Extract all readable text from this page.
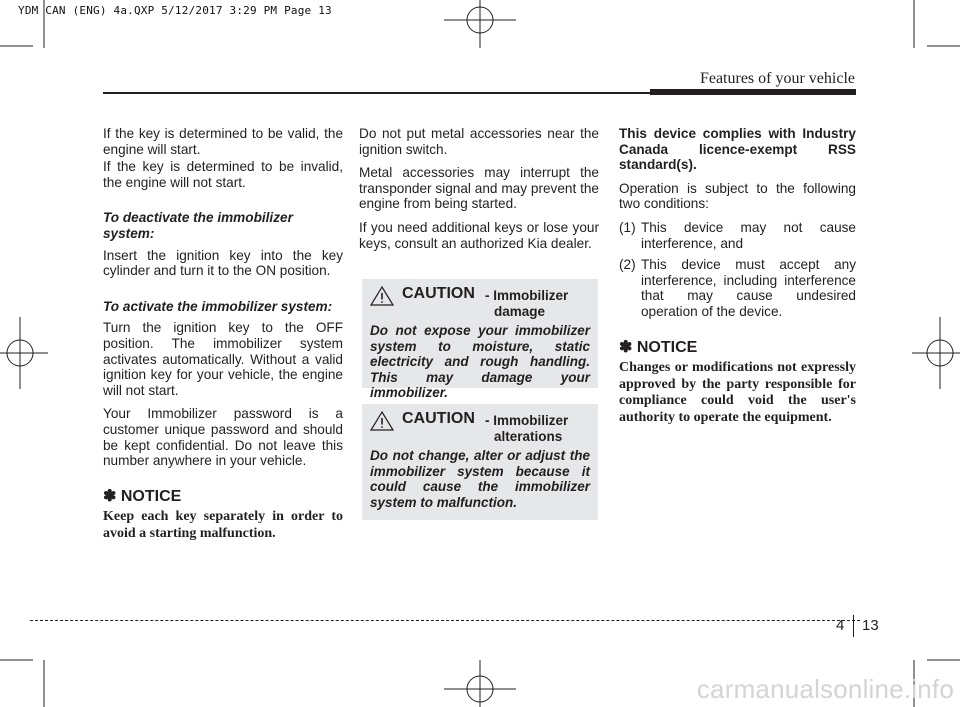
YDM CAN (ENG) 4a.QXP 5/12/2017 3:29 PM Page 13
Features of your vehicle

If the key is determined to be valid, the engine will start.

If the key is determined to be invalid, the engine will not start.

To deactivate the immobilizer system:

Insert the ignition key into the key cylinder and turn it to the ON position.

To activate the immobilizer system:

Turn the ignition key to the OFF position. The immobilizer system activates automatically. Without a valid ignition key for your vehicle, the engine will not start.

Your Immobilizer password is a customer unique password and should be kept confidential. Do not leave this number anywhere in your vehicle.

✽ NOTICE

Keep each key separately in order to avoid a starting malfunction.

Do not put metal accessories near the ignition switch.

Metal accessories may interrupt the transponder signal and may prevent the engine from being started.

If you need additional keys or lose your keys, consult an authorized Kia dealer.

CAUTION - Immobilizer
damage

Do not expose your immobilizer system to moisture, static electricity and rough handling. This may damage your immobilizer.

CAUTION - Immobilizer
alterations

Do not change, alter or adjust the immobilizer system because it could cause the immobilizer system to malfunction.

This device complies with Industry Canada licence-exempt RSS standard(s).

Operation is subject to the following two conditions:

(1) This device may not cause interference, and
(2) This device must accept any interference, including interference that may cause undesired operation of the device.
✽ NOTICE

Changes or modifications not expressly approved by the party responsible for compliance could void the user's authority to operate the equipment.

4 13
carmanualsonline.info
